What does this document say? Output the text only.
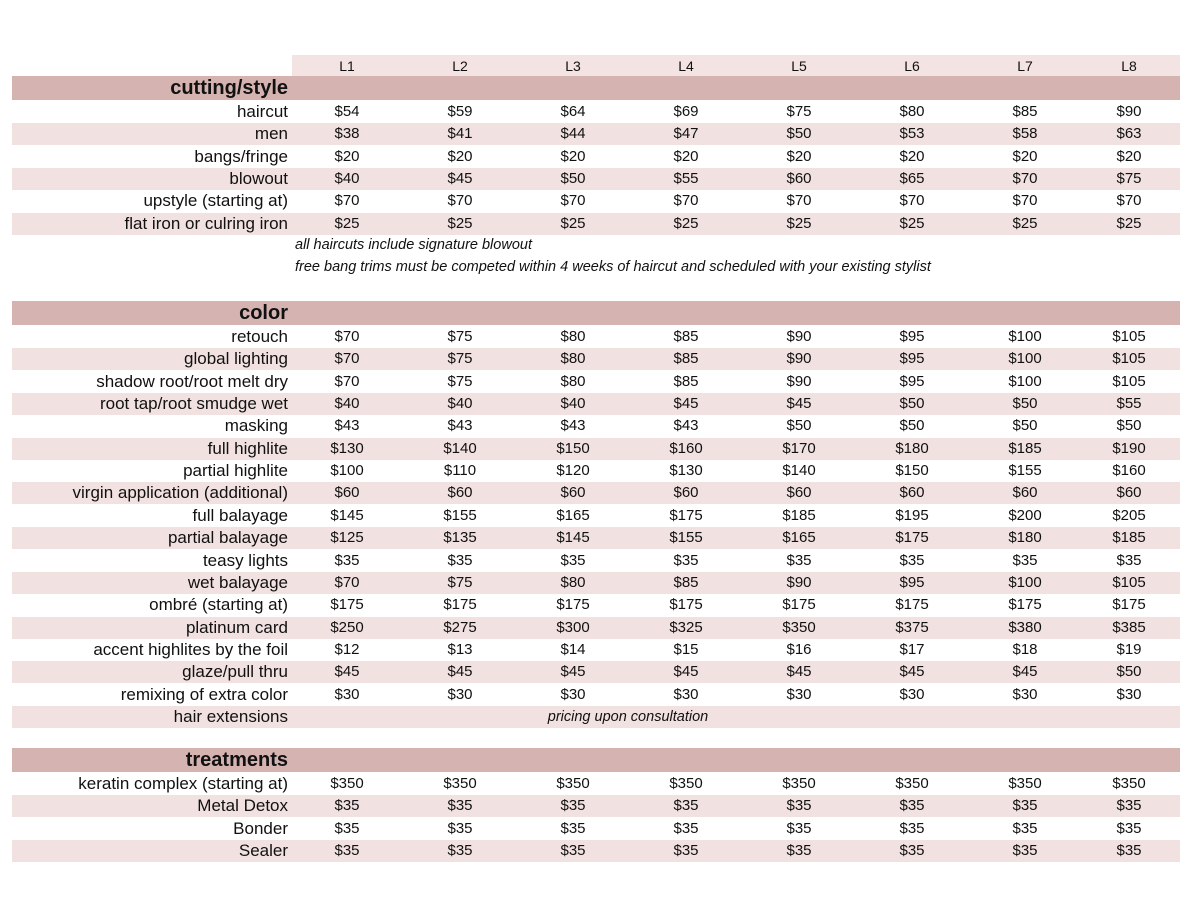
L1	L2	L3	L4	L5	L6	L7	L8
cutting/style
haircut	$54	$59	$64	$69	$75	$80	$85	$90
men	$38	$41	$44	$47	$50	$53	$58	$63
bangs/fringe	$20	$20	$20	$20	$20	$20	$20	$20
blowout	$40	$45	$50	$55	$60	$65	$70	$75
upstyle (starting at)	$70	$70	$70	$70	$70	$70	$70	$70
flat iron or culring iron	$25	$25	$25	$25	$25	$25	$25	$25
all haircuts include signature blowout
free bang trims must be competed within 4 weeks of haircut and scheduled with your existing stylist
color
retouch	$70	$75	$80	$85	$90	$95	$100	$105
global lighting	$70	$75	$80	$85	$90	$95	$100	$105
shadow root/root melt dry	$70	$75	$80	$85	$90	$95	$100	$105
root tap/root smudge wet	$40	$40	$40	$45	$45	$50	$50	$55
masking	$43	$43	$43	$43	$50	$50	$50	$50
full highlite	$130	$140	$150	$160	$170	$180	$185	$190
partial highlite	$100	$110	$120	$130	$140	$150	$155	$160
virgin application (additional)	$60	$60	$60	$60	$60	$60	$60	$60
full balayage	$145	$155	$165	$175	$185	$195	$200	$205
partial balayage	$125	$135	$145	$155	$165	$175	$180	$185
teasy lights	$35	$35	$35	$35	$35	$35	$35	$35
wet balayage	$70	$75	$80	$85	$90	$95	$100	$105
ombré (starting at)	$175	$175	$175	$175	$175	$175	$175	$175
platinum card	$250	$275	$300	$325	$350	$375	$380	$385
accent highlites by the foil	$12	$13	$14	$15	$16	$17	$18	$19
glaze/pull thru	$45	$45	$45	$45	$45	$45	$45	$50
remixing of extra color	$30	$30	$30	$30	$30	$30	$30	$30
hair extensions	pricing upon consultation
treatments
keratin complex (starting at)	$350	$350	$350	$350	$350	$350	$350	$350
Metal Detox	$35	$35	$35	$35	$35	$35	$35	$35
Bonder	$35	$35	$35	$35	$35	$35	$35	$35
Sealer	$35	$35	$35	$35	$35	$35	$35	$35
